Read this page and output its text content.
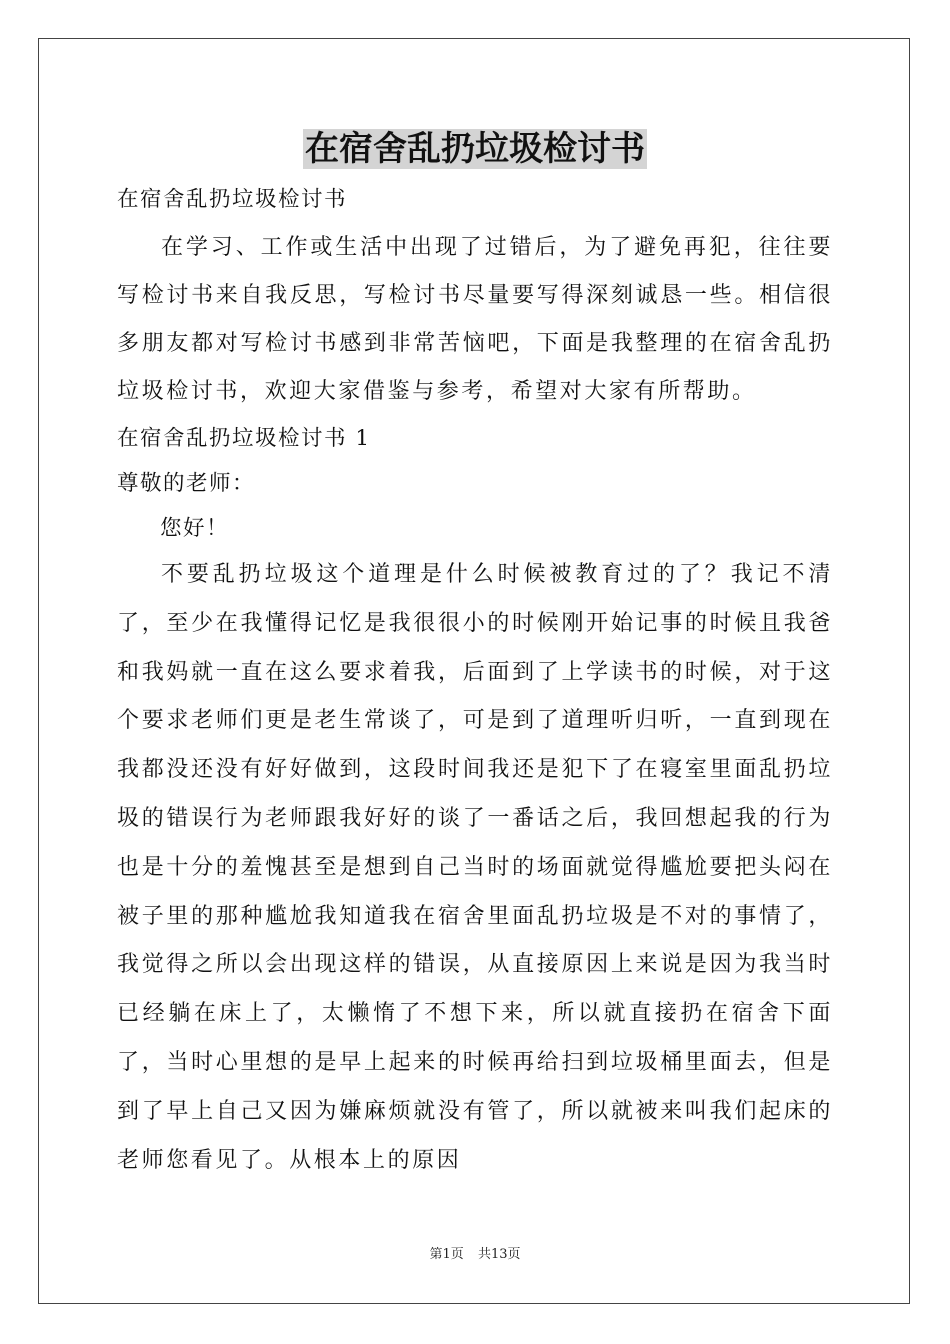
在宿舍乱扔垃圾检讨书
在宿舍乱扔垃圾检讨书
在学习、工作或生活中出现了过错后，为了避免再犯，往往要写检讨书来自我反思，写检讨书尽量要写得深刻诚恳一些。相信很多朋友都对写检讨书感到非常苦恼吧，下面是我整理的在宿舍乱扔垃圾检讨书，欢迎大家借鉴与参考，希望对大家有所帮助。
在宿舍乱扔垃圾检讨书 1
尊敬的老师：
您好！
不要乱扔垃圾这个道理是什么时候被教育过的了？我记不清了，至少在我懂得记忆是我很很小的时候刚开始记事的时候且我爸和我妈就一直在这么要求着我，后面到了上学读书的时候，对于这个要求老师们更是老生常谈了，可是到了道理听归听，一直到现在我都没还没有好好做到，这段时间我还是犯下了在寝室里面乱扔垃圾的错误行为老师跟我好好的谈了一番话之后，我回想起我的行为也是十分的羞愧甚至是想到自己当时的场面就觉得尴尬要把头闷在被子里的那种尴尬我知道我在宿舍里面乱扔垃圾是不对的事情了，我觉得之所以会出现这样的错误，从直接原因上来说是因为我当时已经躺在床上了，太懒惰了不想下来，所以就直接扔在宿舍下面了，当时心里想的是早上起来的时候再给扫到垃圾桶里面去，但是到了早上自己又因为嫌麻烦就没有管了，所以就被来叫我们起床的老师您看见了。从根本上的原因
第1页 共13页
